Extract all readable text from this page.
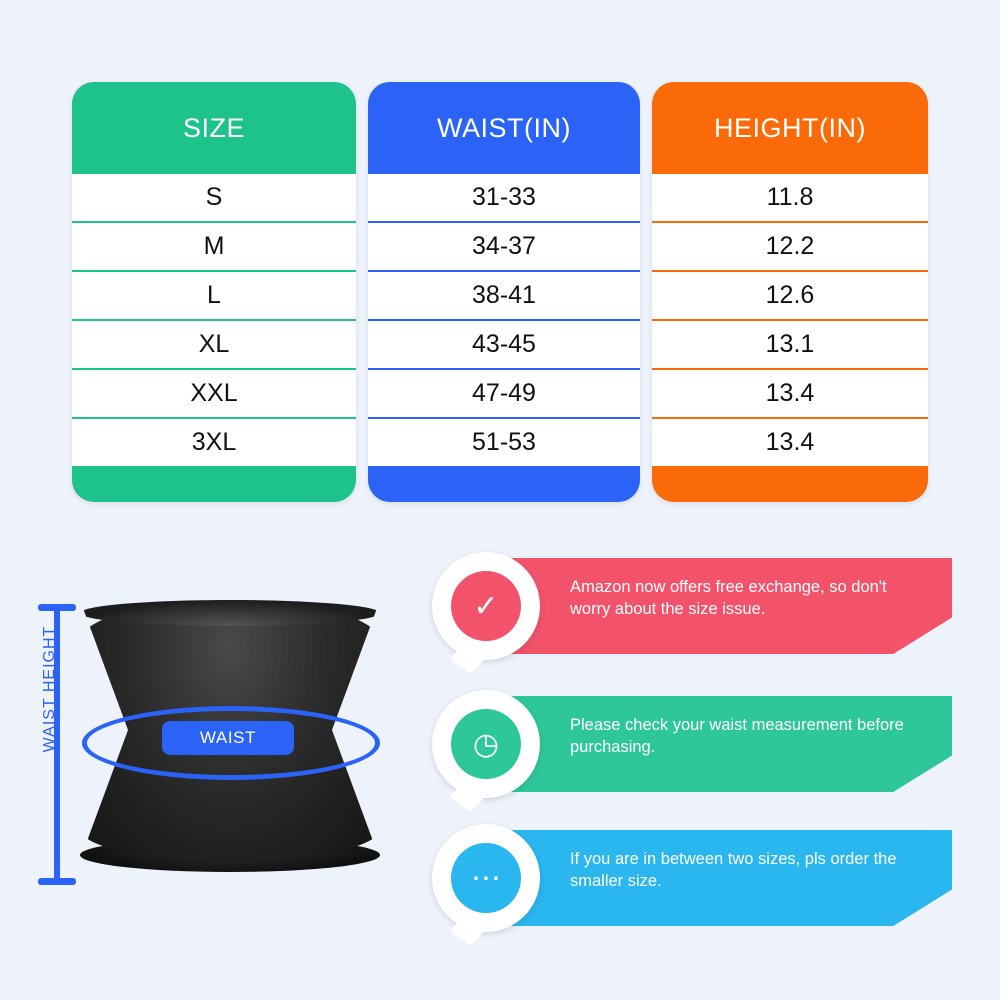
SIZE
S
M
L
XL
XXL
3XL
WAIST(IN)
31-33
34-37
38-41
43-45
47-49
51-53
HEIGHT(IN)
11.8
12.2
12.6
13.1
13.4
13.4
WAIST HEIGHT	WAIST
Amazon now offers free exchange, so don't worry about the size issue.
✓
Please check your waist measurement before purchasing.
◷
If you are in between two sizes, pls order the smaller size.
⋯
